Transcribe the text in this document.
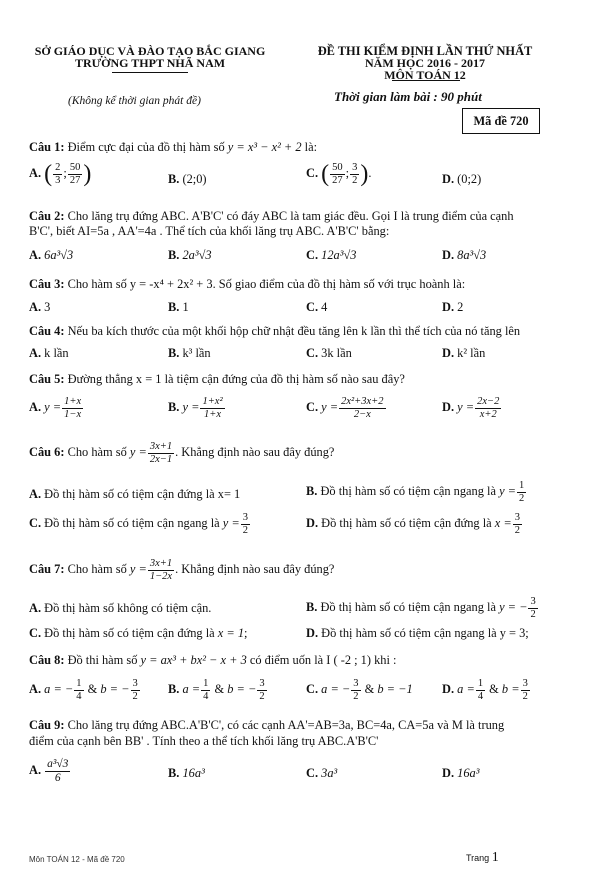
SỞ GIÁO DỤC VÀ ĐÀO TẠO BẮC GIANG
TRƯỜNG THPT NHÃ NAM
(Không kể thời gian phát đề)
ĐỀ THI KIỂM ĐỊNH LẦN THỨ NHẤT
NĂM HỌC 2016 - 2017
MÔN TOÁN 12
Thời gian làm bài : 90 phút
Mã đề 720
Câu 1: Điểm cực đại của đồ thị hàm số y = x³ − x² + 2 là:
A. ( $\frac{2}{3}$ ; $\frac{50}{27}$ )	B. (2;0)	C. ( $\frac{50}{27}$ ; $\frac{3}{2}$ ).	D. (0;2)
Câu 2: Cho lăng trụ đứng ABC. A'B'C' có đáy ABC là tam giác đều. Gọi I là trung điểm của cạnh
B'C', biết AI=5a , AA'=4a . Thể tích của khối lăng trụ ABC. A'B'C' bằng:
A. 6a³√3	B. 2a³√3	C. 12a³√3	D. 8a³√3
Câu 3: Cho hàm số y = -x⁴ + 2x² + 3. Số giao điểm của đồ thị hàm số với trục hoành là:
A. 3	B. 1	C. 4	D. 2
Câu 4: Nếu ba kích thước của một khối hộp chữ nhật đều tăng lên k lần thì thể tích của nó tăng lên
A. k lần	B. k³ lần	C. 3k lần	D. k² lần
Câu 5: Đường thẳng x = 1 là tiệm cận đứng của đồ thị hàm số nào sau đây?
A. $y = \frac{1+x}{1-x}$	B. $y = \frac{\text{1+x²}}{1+x}$	C. $y = \frac{\text{2x²+3x+2}}{2-x}$	D. $y = \frac{2x-2}{x+2}$
Câu 6: Cho hàm số $y = \frac{3x+1}{2x-1}$ . Khẳng định nào sau đây đúng?
A. Đồ thị hàm số có tiệm cận đứng là x= 1	B. Đồ thị hàm số có tiệm cận ngang là $y = \frac{1}{2}$
C. Đồ thị hàm số có tiệm cận ngang là $y = \frac{3}{2}$	D. Đồ thị hàm số có tiệm cận đứng là $x = \frac{3}{2}$
Câu 7: Cho hàm số $y = \frac{3x+1}{1-2x}$ . Khẳng định nào sau đây đúng?
A. Đồ thị hàm số không có tiệm cận.	B. Đồ thị hàm số có tiệm cận ngang là y = − $\frac{3}{2}$
C. Đồ thị hàm số có tiệm cận đứng là x = 1;	D. Đồ thị hàm số có tiệm cận ngang là y = 3;
Câu 8: Đồ thi hàm số y = ax³ + bx² − x + 3 có điểm uốn là I ( -2 ; 1) khi :
A. a = − $\frac{1}{4}$ & b = − $\frac{3}{2} B$. $a = \frac{1}{4}$ & b = − $\frac{3}{2}$	C. a = − $\frac{3}{2}$ & b = −1 D. $a = \frac{1}{4}$ & $b = \frac{3}{2}$
Câu 9: Cho lăng trụ đứng ABC.A'B'C', có các cạnh AA'=AB=3a, BC=4a, CA=5a và M là trung
điểm của cạnh bên BB' . Tính theo a thể tích khối lăng trụ ABC.A'B'C'
A. $\frac{\text{a³√3}}{6}$	B. 16a³	C. 3a³	D. 16a³
Môn TOÁN 12 - Mã đề 720	Trang 1
